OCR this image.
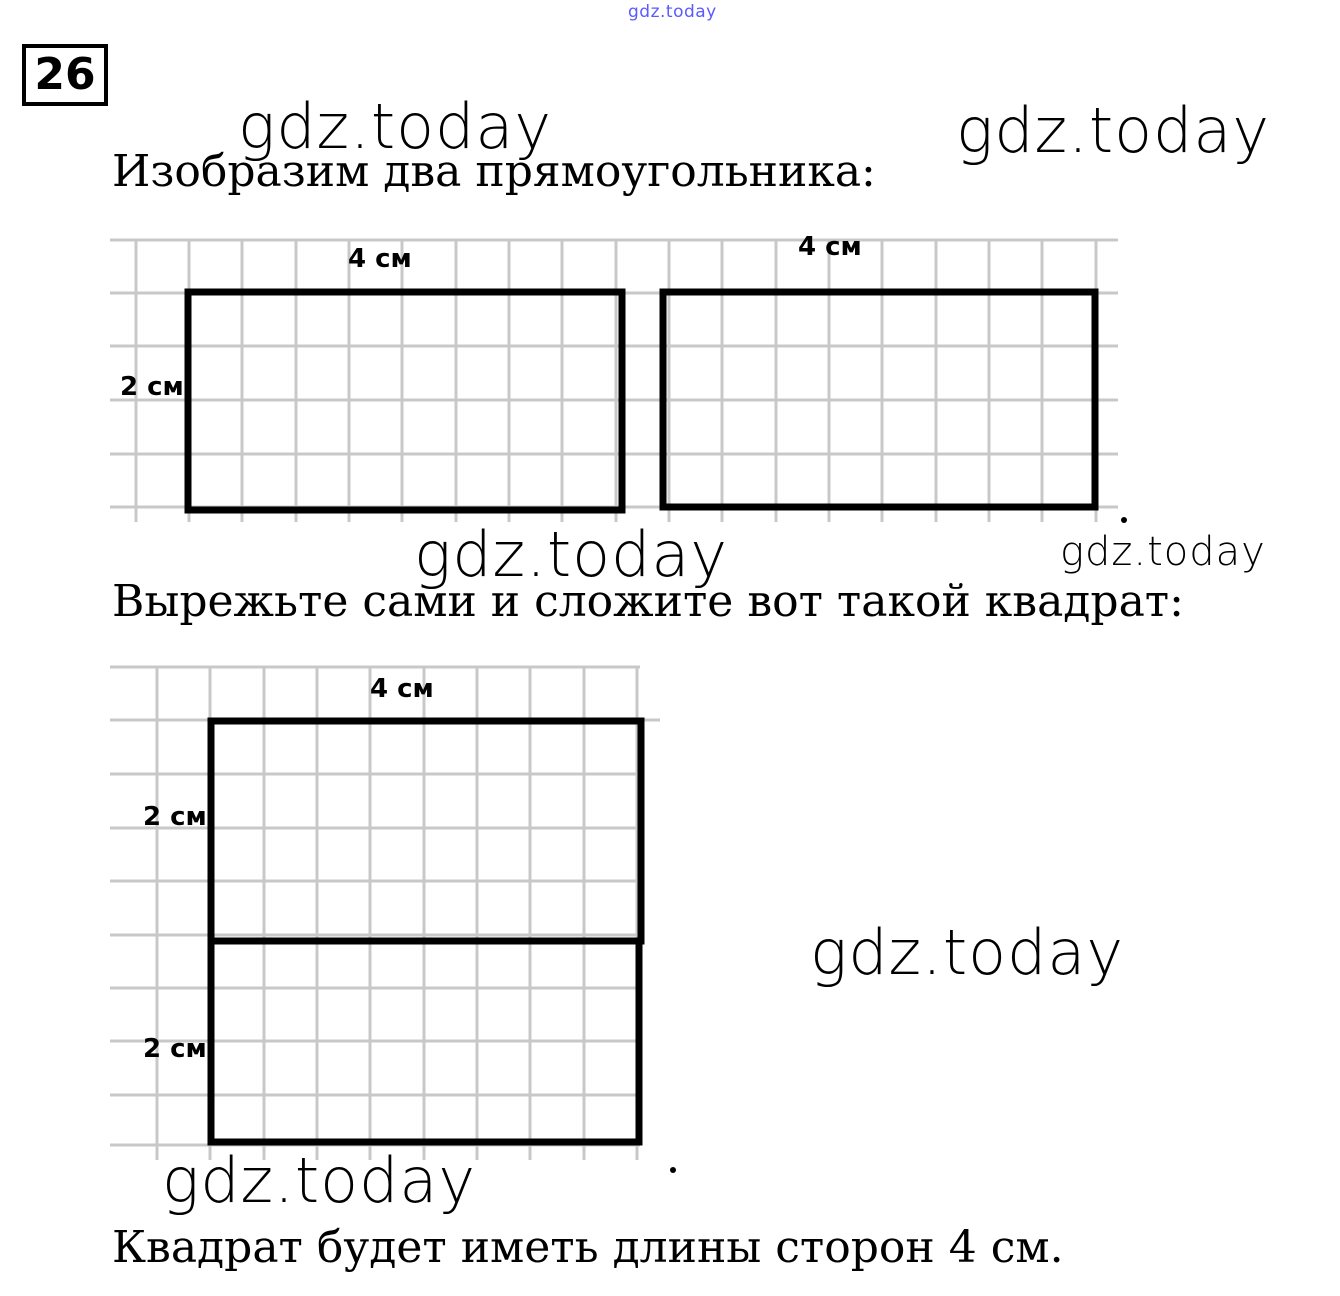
gdz.today
26
gdz.today	gdz.today
Изобразим два прямоугольника:
4 см
2 см
4 см
gdz.today	gdz.today
Вырежьте сами и сложите вот такой квадрат:
4 см
2 см
2 см
gdz.today
gdz.today
Квадрат будет иметь длины сторон 4 см.
